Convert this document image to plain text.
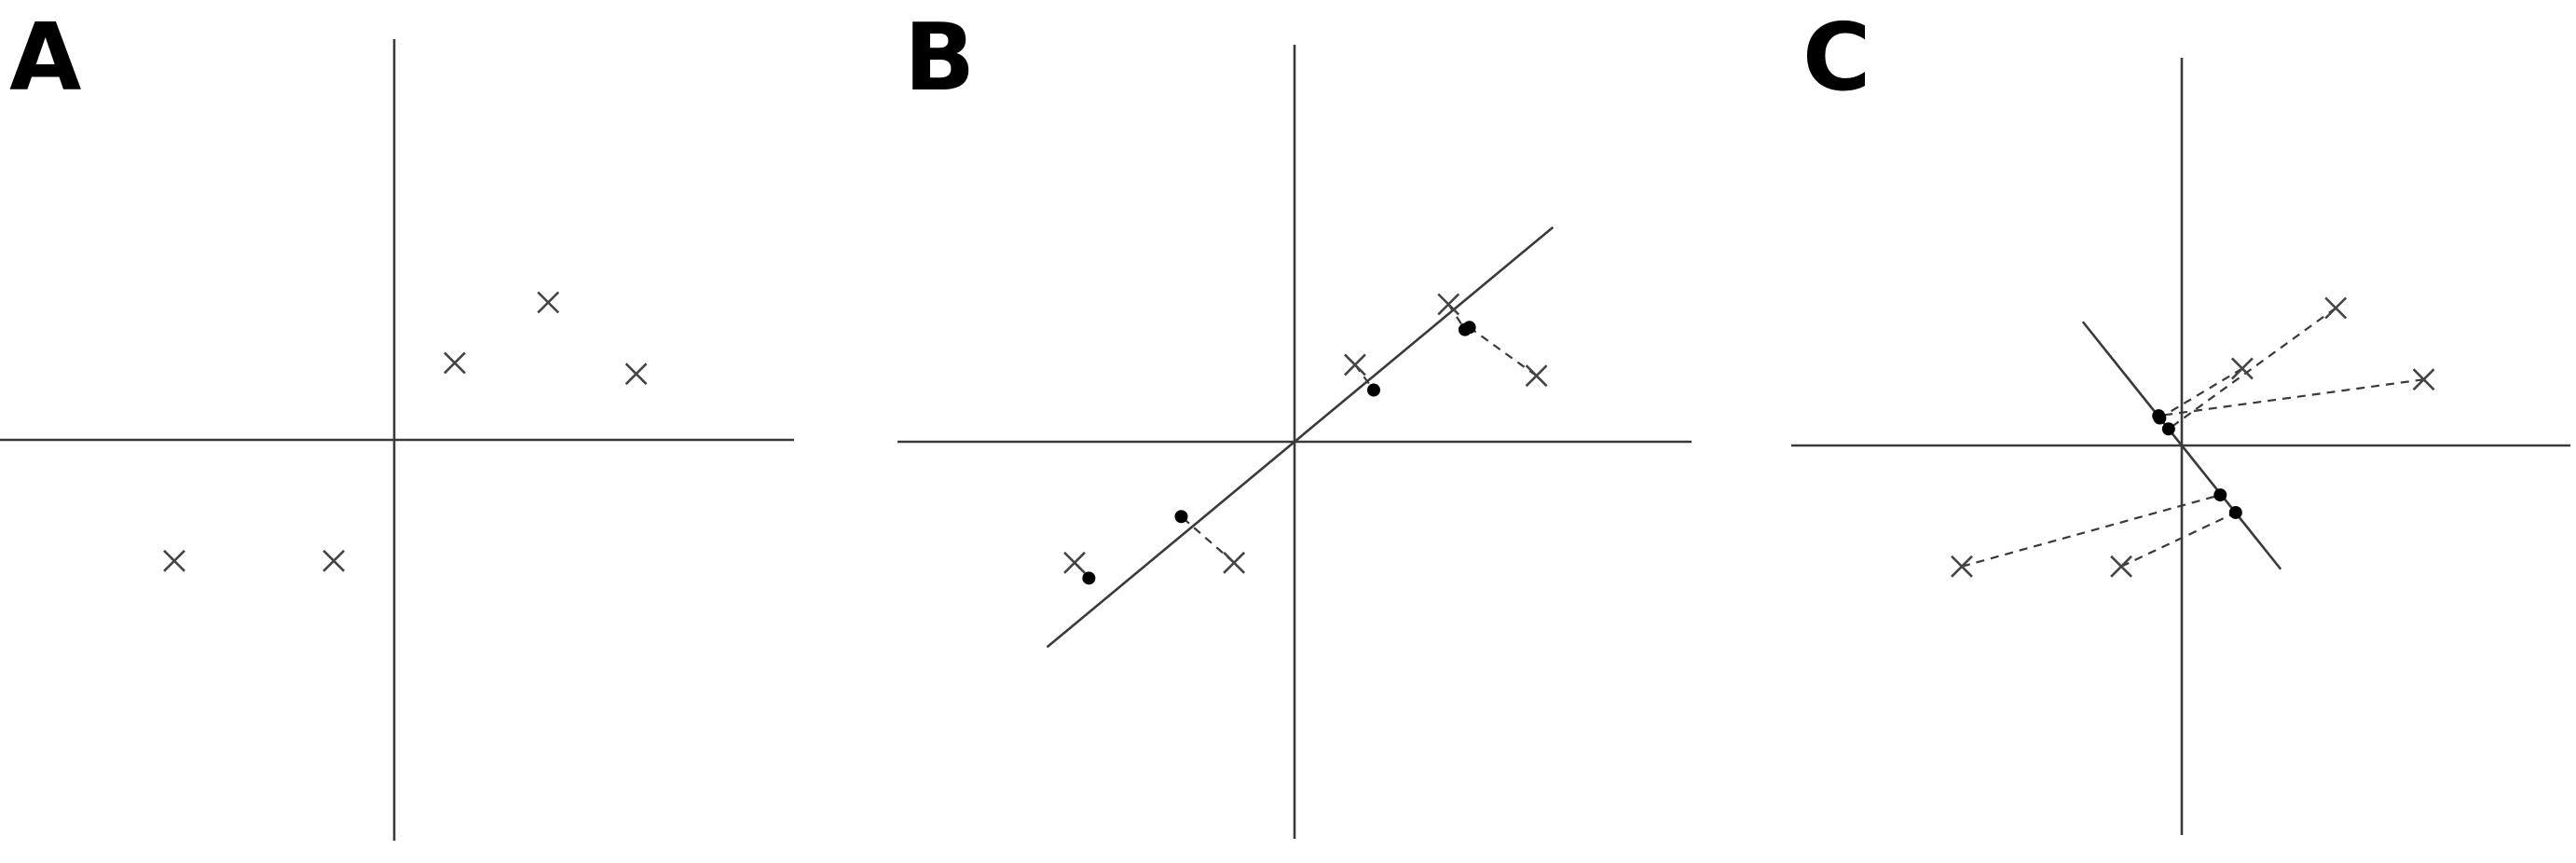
A	B	C
